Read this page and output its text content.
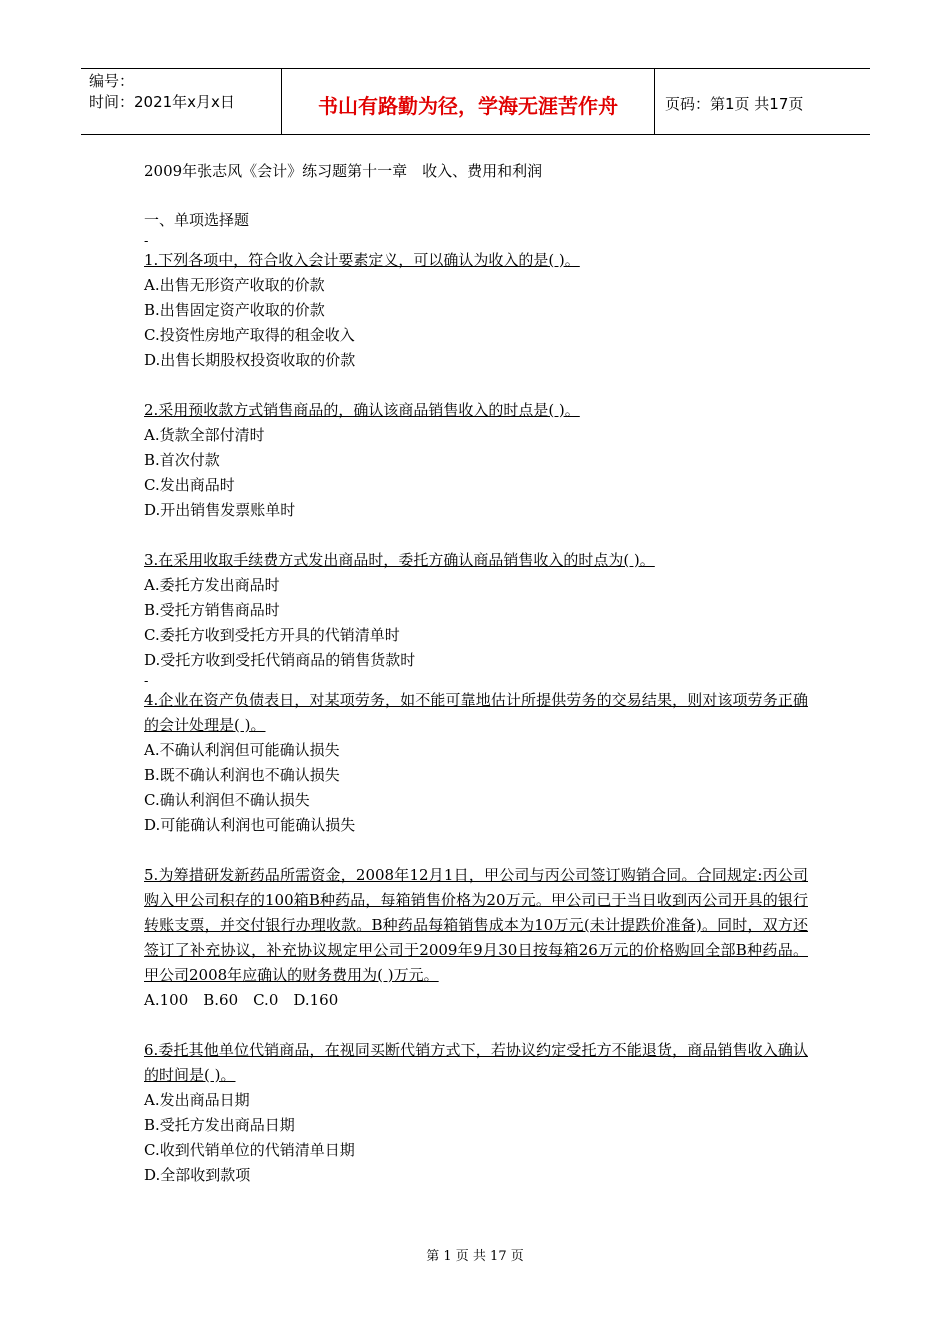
编号：
时间：2021年x月x日	书山有路勤为径，学海无涯苦作舟	页码：第1页 共17页
2009年张志风《会计》练习题第十一章　收入、费用和利润
一、单项选择题
-
1.下列各项中，符合收入会计要素定义，可以确认为收入的是( )。
A.出售无形资产收取的价款
B.出售固定资产收取的价款
C.投资性房地产取得的租金收入
D.出售长期股权投资收取的价款
2.采用预收款方式销售商品的，确认该商品销售收入的时点是( )。
A.货款全部付清时
B.首次付款
C.发出商品时
D.开出销售发票账单时
3.在采用收取手续费方式发出商品时，委托方确认商品销售收入的时点为( )。
A.委托方发出商品时
B.受托方销售商品时
C.委托方收到受托方开具的代销清单时
D.受托方收到受托代销商品的销售货款时
-
4.企业在资产负债表日，对某项劳务，如不能可靠地估计所提供劳务的交易结果，则对该项劳务正确的会计处理是( )。
A.不确认利润但可能确认损失
B.既不确认利润也不确认损失
C.确认利润但不确认损失
D.可能确认利润也可能确认损失
5.为筹措研发新药品所需资金，2008年12月1日，甲公司与丙公司签订购销合同。合同规定:丙公司购入甲公司积存的100箱B种药品，每箱销售价格为20万元。甲公司已于当日收到丙公司开具的银行转账支票，并交付银行办理收款。B种药品每箱销售成本为10万元(未计提跌价准备)。同时，双方还签订了补充协议，补充协议规定甲公司于2009年9月30日按每箱26万元的价格购回全部B种药品。甲公司2008年应确认的财务费用为( )万元。
A.100　B.60　C.0　D.160
6.委托其他单位代销商品，在视同买断代销方式下，若协议约定受托方不能退货，商品销售收入确认的时间是( )。
A.发出商品日期
B.受托方发出商品日期
C.收到代销单位的代销清单日期
D.全部收到款项
第 1 页 共 17 页
